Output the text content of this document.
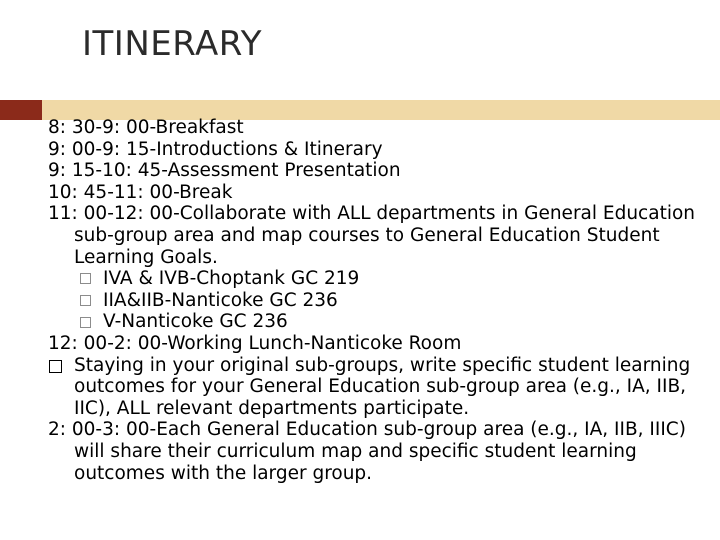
ITINERARY
8: 30-9: 00-Breakfast
9: 00-9: 15-Introductions & Itinerary
9: 15-10: 45-Assessment Presentation
10: 45-11: 00-Break
11: 00-12: 00-Collaborate with ALL departments in General Education sub-group area and map courses to General Education Student Learning Goals.
IVA & IVB-Choptank GC 219
IIA&IIB-Nanticoke GC 236
V-Nanticoke GC 236
12: 00-2: 00-Working Lunch-Nanticoke Room
Staying in your original sub-groups, write specific student learning outcomes for your General Education sub-group area (e.g., IA, IIB, IIC), ALL relevant departments participate.
2: 00-3: 00-Each General Education sub-group area (e.g., IA, IIB, IIIC) will share their curriculum map and specific student learning outcomes with the larger group.
